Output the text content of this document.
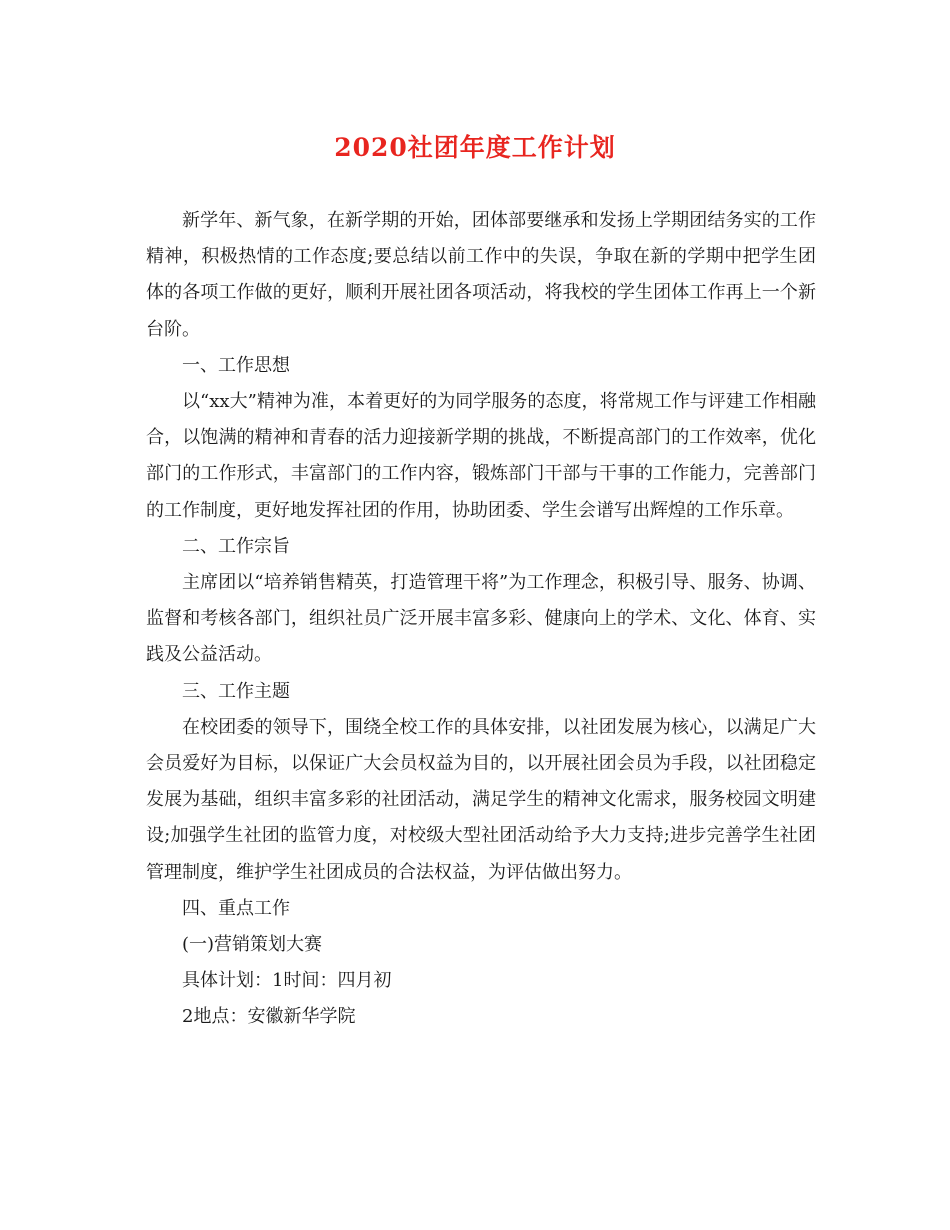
2020社团年度工作计划

新学年、新气象，在新学期的开始，团体部要继承和发扬上学期团结务实的工作精神，积极热情的工作态度;要总结以前工作中的失误，争取在新的学期中把学生团体的各项工作做的更好，顺利开展社团各项活动，将我校的学生团体工作再上一个新台阶。

一、工作思想

以“xx大”精神为准，本着更好的为同学服务的态度，将常规工作与评建工作相融合，以饱满的精神和青春的活力迎接新学期的挑战，不断提高部门的工作效率，优化部门的工作形式，丰富部门的工作内容，锻炼部门干部与干事的工作能力，完善部门的工作制度，更好地发挥社团的作用，协助团委、学生会谱写出辉煌的工作乐章。

二、工作宗旨

主席团以“培养销售精英，打造管理干将”为工作理念，积极引导、服务、协调、监督和考核各部门，组织社员广泛开展丰富多彩、健康向上的学术、文化、体育、实践及公益活动。

三、工作主题

在校团委的领导下，围绕全校工作的具体安排，以社团发展为核心，以满足广大会员爱好为目标，以保证广大会员权益为目的，以开展社团会员为手段，以社团稳定发展为基础，组织丰富多彩的社团活动，满足学生的精神文化需求，服务校园文明建设;加强学生社团的监管力度，对校级大型社团活动给予大力支持;进步完善学生社团管理制度，维护学生社团成员的合法权益，为评估做出努力。

四、重点工作

(一)营销策划大赛

具体计划：1时间：四月初

2地点：安徽新华学院
